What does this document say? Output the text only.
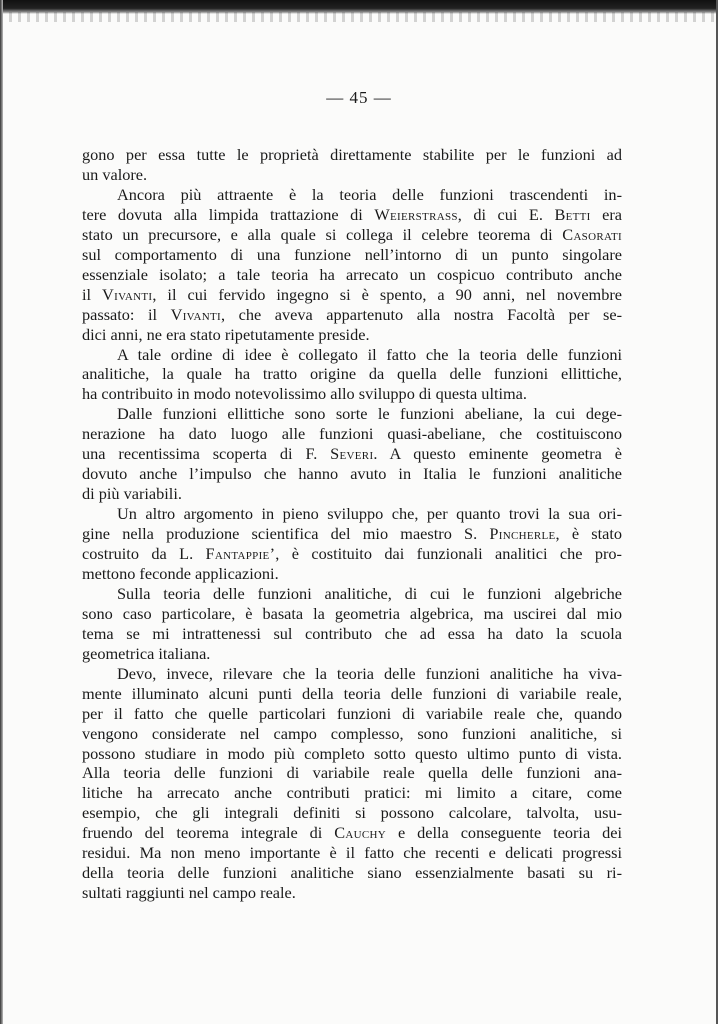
— 45 —
gono per essa tutte le proprietà direttamente stabilite per le funzioni ad
un valore.
Ancora più attraente è la teoria delle funzioni trascendenti in-
tere dovuta alla limpida trattazione di Weierstrass, di cui E. Betti era
stato un precursore, e alla quale si collega il celebre teorema di Casorati
sul comportamento di una funzione nell’intorno di un punto singolare
essenziale isolato; a tale teoria ha arrecato un cospicuo contributo anche
il Vivanti, il cui fervido ingegno si è spento, a 90 anni, nel novembre
passato: il Vivanti, che aveva appartenuto alla nostra Facoltà per se-
dici anni, ne era stato ripetutamente preside.
A tale ordine di idee è collegato il fatto che la teoria delle funzioni
analitiche, la quale ha tratto origine da quella delle funzioni ellittiche,
ha contribuito in modo notevolissimo allo sviluppo di questa ultima.
Dalle funzioni ellittiche sono sorte le funzioni abeliane, la cui dege-
nerazione ha dato luogo alle funzioni quasi-abeliane, che costituiscono
una recentissima scoperta di F. Severi. A questo eminente geometra è
dovuto anche l’impulso che hanno avuto in Italia le funzioni analitiche
di più variabili.
Un altro argomento in pieno sviluppo che, per quanto trovi la sua ori-
gine nella produzione scientifica del mio maestro S. Pincherle, è stato
costruito da L. Fantappie’, è costituito dai funzionali analitici che pro-
mettono feconde applicazioni.
Sulla teoria delle funzioni analitiche, di cui le funzioni algebriche
sono caso particolare, è basata la geometria algebrica, ma uscirei dal mio
tema se mi intrattenessi sul contributo che ad essa ha dato la scuola
geometrica italiana.
Devo, invece, rilevare che la teoria delle funzioni analitiche ha viva-
mente illuminato alcuni punti della teoria delle funzioni di variabile reale,
per il fatto che quelle particolari funzioni di variabile reale che, quando
vengono considerate nel campo complesso, sono funzioni analitiche, si
possono studiare in modo più completo sotto questo ultimo punto di vista.
Alla teoria delle funzioni di variabile reale quella delle funzioni ana-
litiche ha arrecato anche contributi pratici: mi limito a citare, come
esempio, che gli integrali definiti si possono calcolare, talvolta, usu-
fruendo del teorema integrale di Cauchy e della conseguente teoria dei
residui. Ma non meno importante è il fatto che recenti e delicati progressi
della teoria delle funzioni analitiche siano essenzialmente basati su ri-
sultati raggiunti nel campo reale.
